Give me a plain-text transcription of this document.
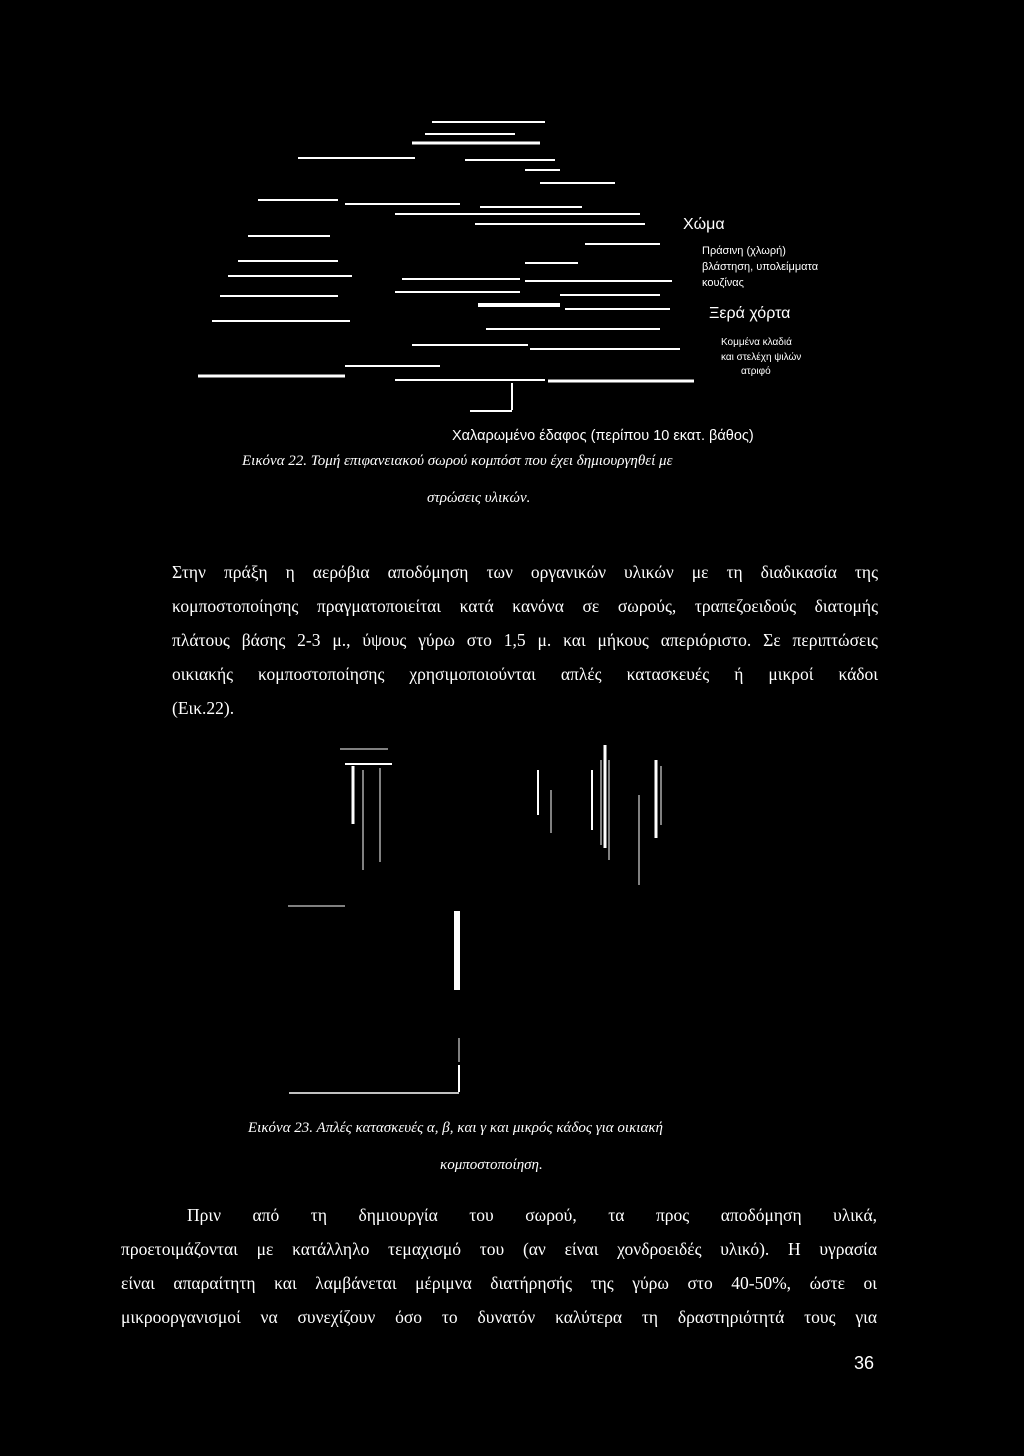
Χώμα
Πράσινη (χλωρή)
βλάστηση, υπολείμματα
κουζίνας
Ξερά χόρτα
Κομμένα κλαδιά
και στελέχη ψιλών
ατριφό
Χαλαρωμένο έδαφος (περίπου 10 εκατ. βάθος)
Εικόνα 22. Τομή επιφανειακού σωρού κομπόστ που έχει δημιουργηθεί με
στρώσεις υλικών.
Στην πράξη η αερόβια αποδόμηση των οργανικών υλικών με τη διαδικασία της
κομποστοποίησης πραγματοποιείται κατά κανόνα σε σωρούς, τραπεζοειδούς διατομής
πλάτους βάσης 2-3 μ., ύψους γύρω στο 1,5 μ. και μήκους απεριόριστο. Σε περιπτώσεις
οικιακής κομποστοποίησης χρησιμοποιούνται απλές κατασκευές ή μικροί κάδοι
(Εικ.22).
Εικόνα 23. Απλές κατασκευές α, β, και γ και μικρός κάδος για οικιακή
κομποστοποίηση.
Πριν από τη δημιουργία του σωρού, τα προς αποδόμηση υλικά,
προετοιμάζονται με κατάλληλο τεμαχισμό του (αν είναι χονδροειδές υλικό). Η υγρασία
είναι απαραίτητη και λαμβάνεται μέριμνα διατήρησής της γύρω στο 40-50%, ώστε οι
μικροοργανισμοί να συνεχίζουν όσο το δυνατόν καλύτερα τη δραστηριότητά τους για
36
